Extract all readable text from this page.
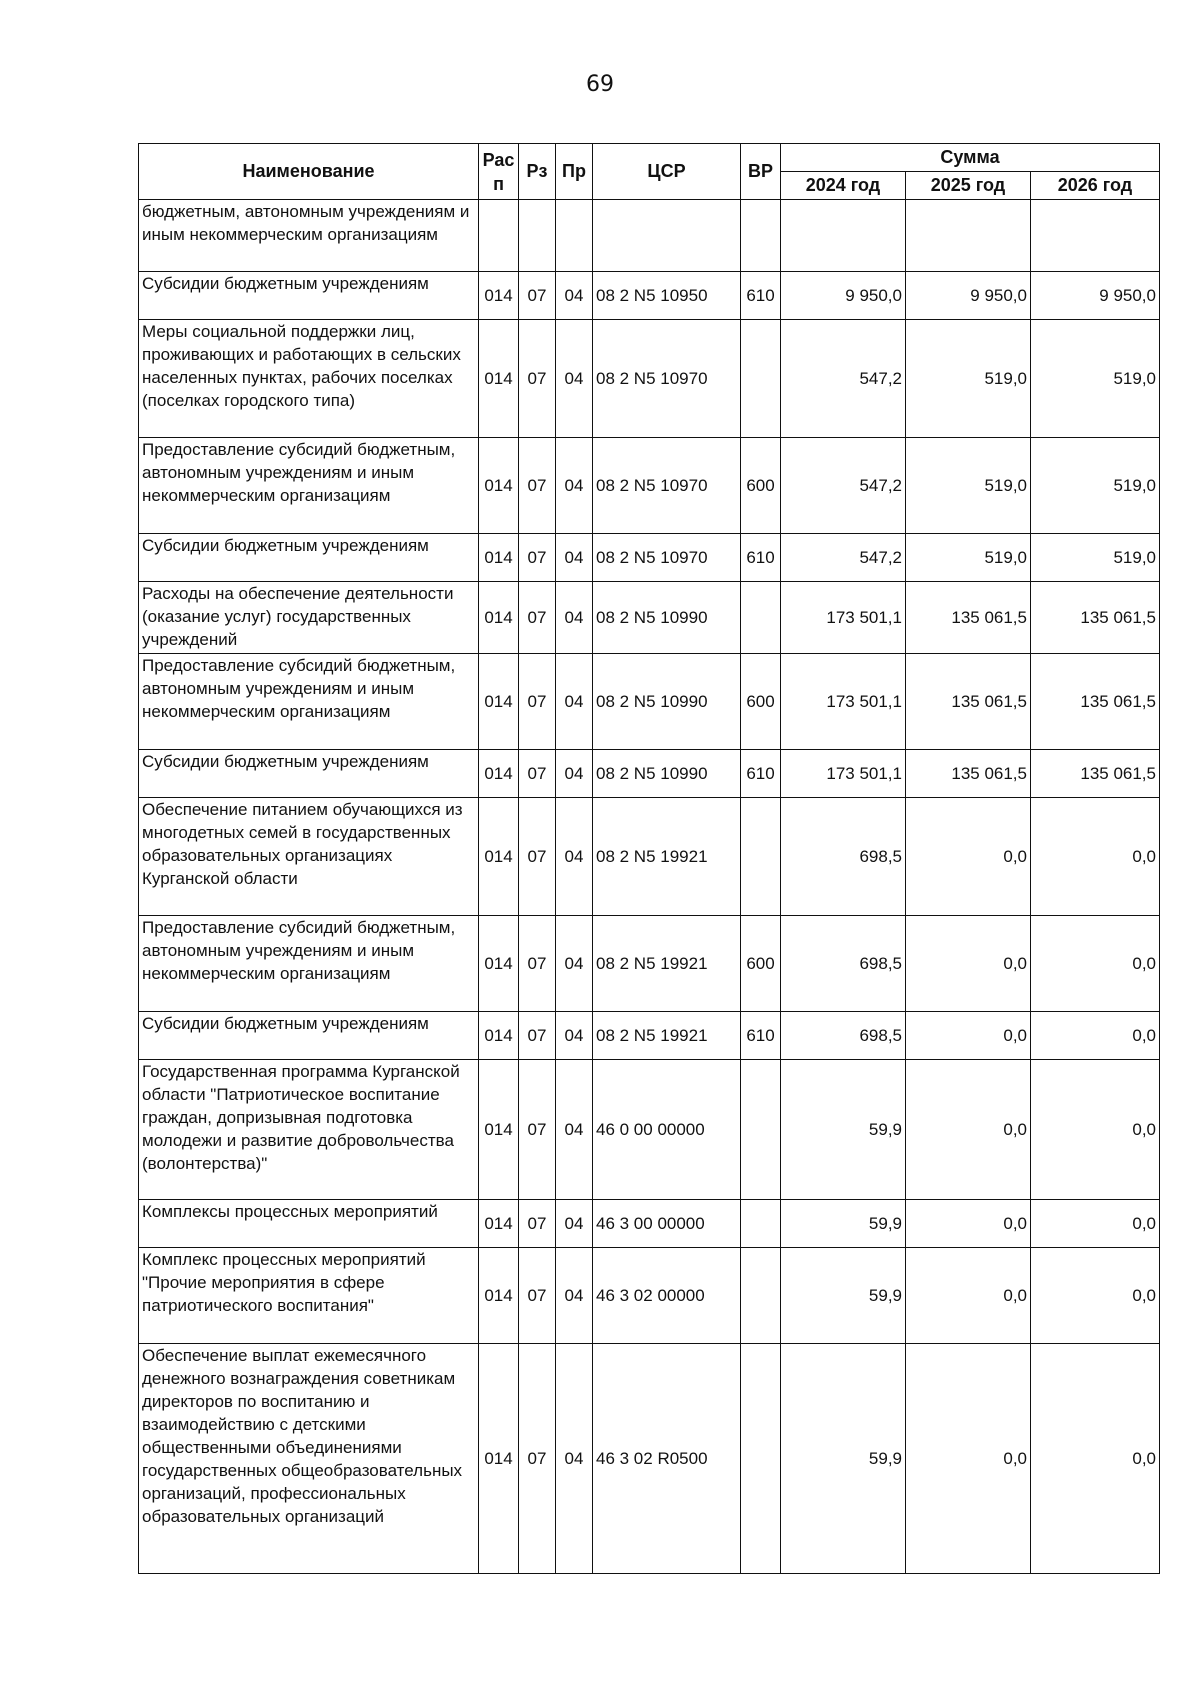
69
Наименование	Рас п	Рз	Пр	ЦСР	ВР	Сумма		
						2024 год	2025 год	2026 год
бюджетным, автономным учреждениям и иным некоммерческим организациям								
Субсидии бюджетным учреждениям	014	07	04	08 2 N5 10950	610	9 950,0	9 950,0	9 950,0
Меры социальной поддержки лиц, проживающих и работающих в сельских населенных пунктах, рабочих поселках (поселках городского типа)	014	07	04	08 2 N5 10970		547,2	519,0	519,0
Предоставление субсидий бюджетным, автономным учреждениям и иным некоммерческим организациям	014	07	04	08 2 N5 10970	600	547,2	519,0	519,0
Субсидии бюджетным учреждениям	014	07	04	08 2 N5 10970	610	547,2	519,0	519,0
Расходы на обеспечение деятельности (оказание услуг) государственных учреждений	014	07	04	08 2 N5 10990		173 501,1	135 061,5	135 061,5
Предоставление субсидий бюджетным, автономным учреждениям и иным некоммерческим организациям	014	07	04	08 2 N5 10990	600	173 501,1	135 061,5	135 061,5
Субсидии бюджетным учреждениям	014	07	04	08 2 N5 10990	610	173 501,1	135 061,5	135 061,5
Обеспечение питанием обучающихся из многодетных семей в государственных образовательных организациях Курганской области	014	07	04	08 2 N5 19921		698,5	0,0	0,0
Предоставление субсидий бюджетным, автономным учреждениям и иным некоммерческим организациям	014	07	04	08 2 N5 19921	600	698,5	0,0	0,0
Субсидии бюджетным учреждениям	014	07	04	08 2 N5 19921	610	698,5	0,0	0,0
Государственная программа Курганской области "Патриотическое воспитание граждан, допризывная подготовка молодежи и развитие добровольчества (волонтерства)"	014	07	04	46 0 00 00000		59,9	0,0	0,0
Комплексы процессных мероприятий	014	07	04	46 3 00 00000		59,9	0,0	0,0
Комплекс процессных мероприятий "Прочие мероприятия в сфере патриотического воспитания"	014	07	04	46 3 02 00000		59,9	0,0	0,0
Обеспечение выплат ежемесячного денежного вознаграждения советникам директоров по воспитанию и взаимодействию с детскими общественными объединениями государственных общеобразовательных организаций, профессиональных образовательных организаций	014	07	04	46 3 02 R0500		59,9	0,0	0,0
